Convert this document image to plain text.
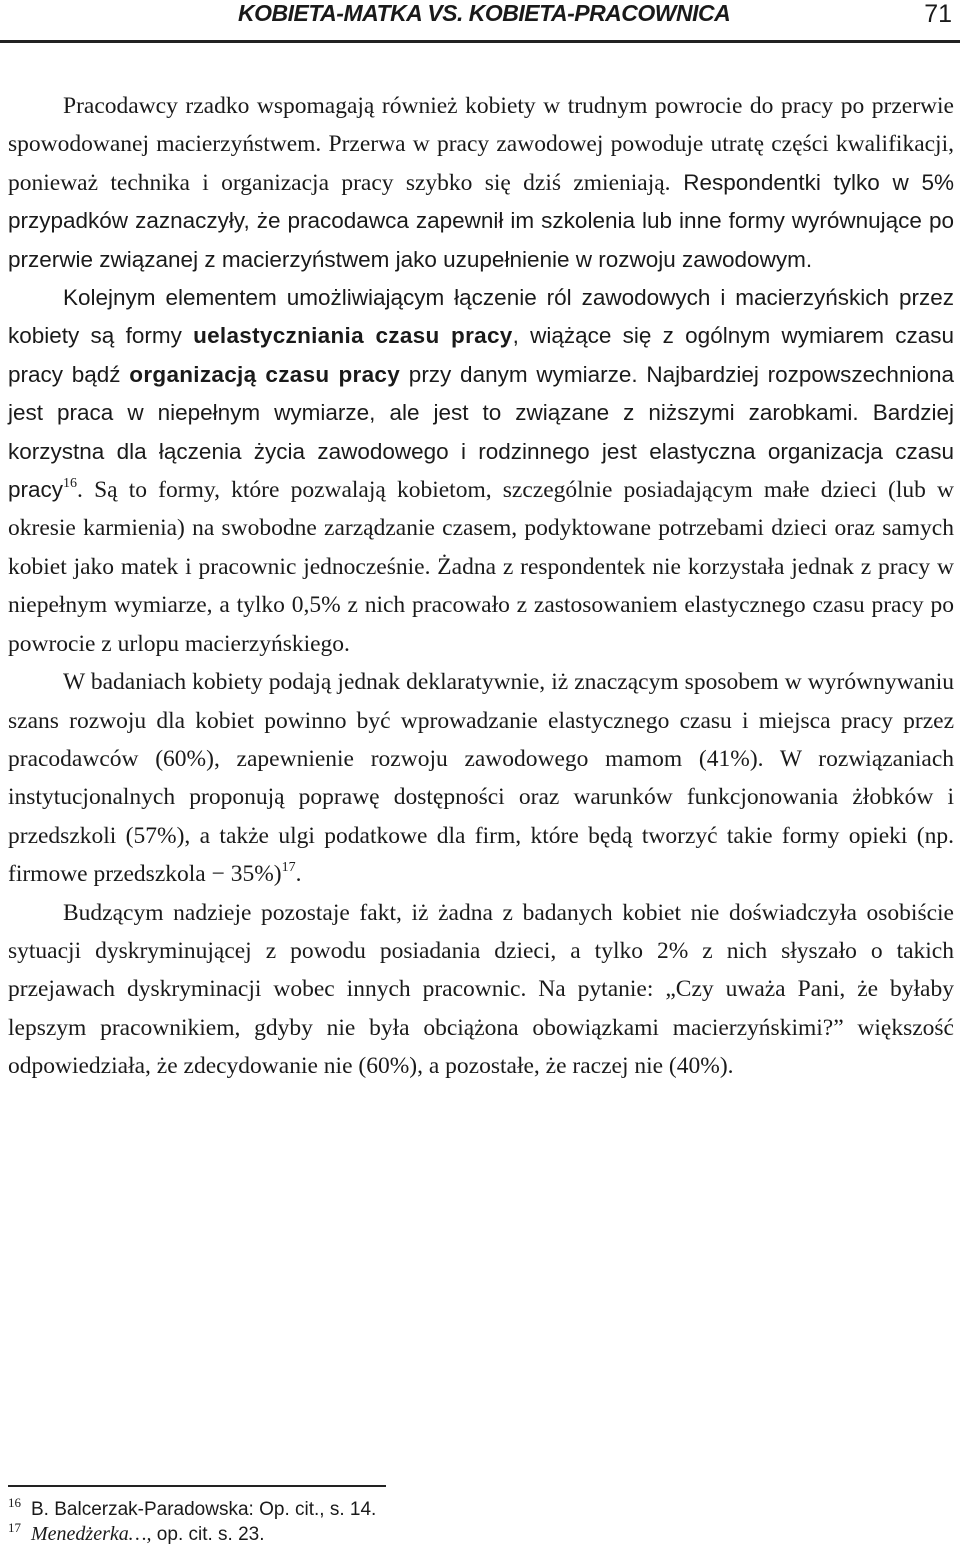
KOBIETA-MATKA VS. KOBIETA-PRACOWNICA	71

Pracodawcy rzadko wspomagają również kobiety w trudnym powrocie do pracy po przerwie spowodowanej macierzyństwem. Przerwa w pracy zawodowej powoduje utratę części kwalifikacji, ponieważ technika i organizacja pracy szybko się dziś zmieniają. Respondentki tylko w 5% przypadków zaznaczyły, że pracodawca zapewnił im szkolenia lub inne formy wyrównujące po przerwie związanej z macierzyństwem jako uzupełnienie w rozwoju zawodowym.

Kolejnym elementem umożliwiającym łączenie ról zawodowych i macierzyńskich przez kobiety są formy uelastyczniania czasu pracy, wiążące się z ogólnym wymiarem czasu pracy bądź organizacją czasu pracy przy danym wymiarze. Najbardziej rozpowszechniona jest praca w niepełnym wymiarze, ale jest to związane z niższymi zarobkami. Bardziej korzystna dla łączenia życia zawodowego i rodzinnego jest elastyczna organizacja czasu pracy$^{16}$. Są to formy, które pozwalają kobietom, szczególnie posiadającym małe dzieci (lub w okresie karmienia) na swobodne zarządzanie czasem, podyktowane potrzebami dzieci oraz samych kobiet jako matek i pracownic jednocześnie. Żadna z respondentek nie korzystała jednak z pracy w niepełnym wymiarze, a tylko 0,5% z nich pracowało z zastosowaniem elastycznego czasu pracy po powrocie z urlopu macierzyńskiego.

W badaniach kobiety podają jednak deklaratywnie, iż znaczącym sposobem w wyrównywaniu szans rozwoju dla kobiet powinno być wprowadzanie elastycznego czasu i miejsca pracy przez pracodawców (60%), zapewnienie rozwoju zawodowego mamom (41%). W rozwiązaniach instytucjonalnych proponują poprawę dostępności oraz warunków funkcjonowania żłobków i przedszkoli (57%), a także ulgi podatkowe dla firm, które będą tworzyć takie formy opieki (np. firmowe przedszkola − 35%)$^{17}$.

Budzącym nadzieje pozostaje fakt, iż żadna z badanych kobiet nie doświadczyła osobiście sytuacji dyskryminującej z powodu posiadania dzieci, a tylko 2% z nich słyszało o takich przejawach dyskryminacji wobec innych pracownic. Na pytanie: „Czy uważa Pani, że byłaby lepszym pracownikiem, gdyby nie była obciążona obowiązkami macierzyńskimi?” większość odpowiedziała, że zdecydowanie nie (60%), a pozostałe, że raczej nie (40%).

$^{16}$ B. Balcerzak-Paradowska: Op. cit., s. 14.

$^{17}$ Menedżerka…, op. cit. s. 23.
